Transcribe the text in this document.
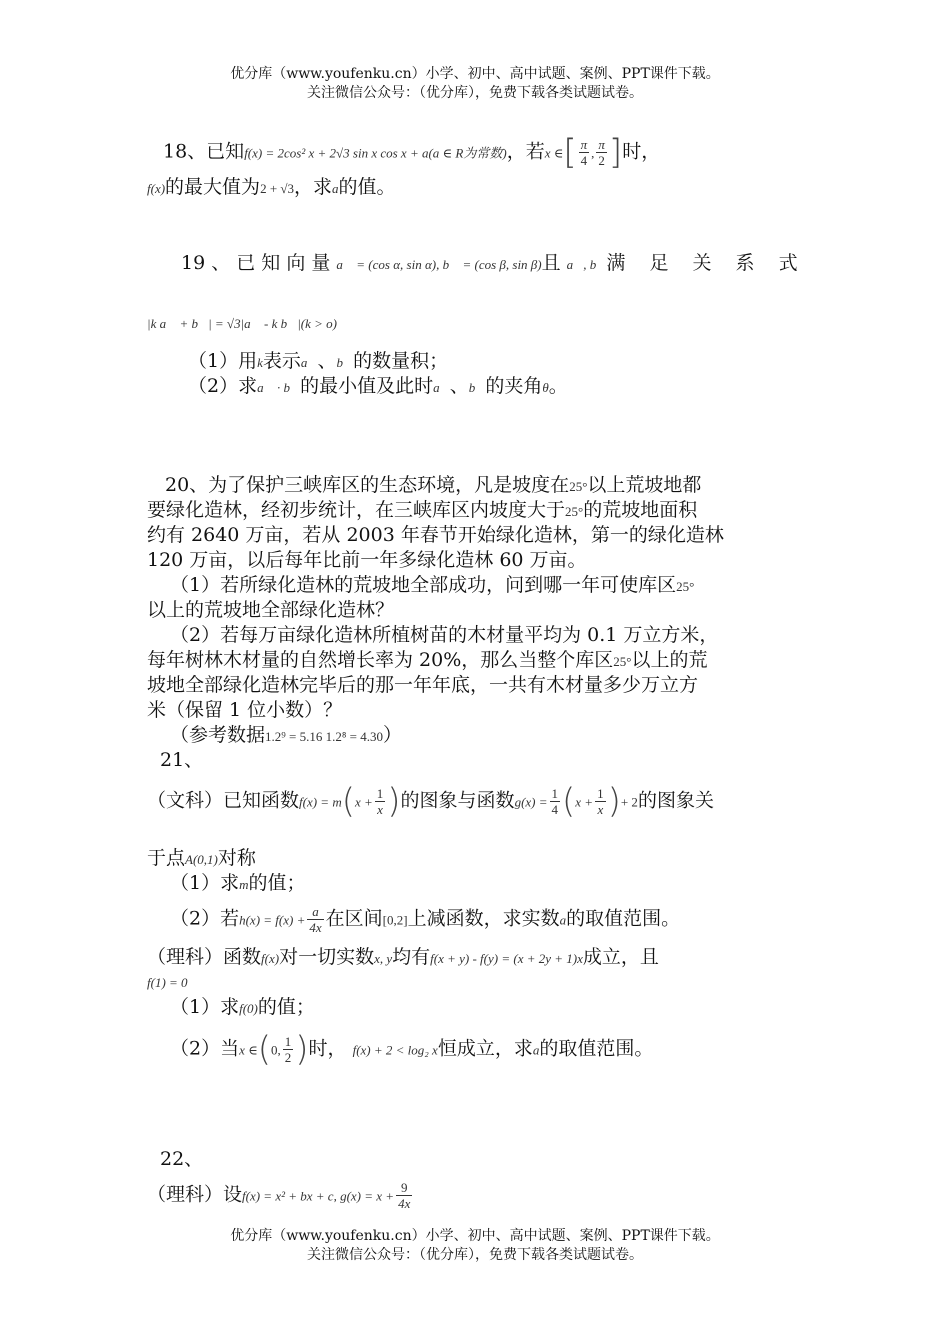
优分库（www.youfenku.cn）小学、初中、高中试题、案例、PPT课件下载。
关注微信公众号：（优分库），免费下载各类试题试卷。
18、已知f(x) = 2cos² x + 2√3 sin x cos x + a(a ∈ R为常数)，若x ∈[ $\frac{\pi}{4}$ , $\frac{\pi}{2}$ ]时，
f(x)的最大值为2 + √3，求a的值。
19 、 已 知 向 量 a⃗ = (cos α, sin α), b⃗ = (cos β, sin β)且 a⃗, b⃗满 足 关 系 式
|k a⃗ + b⃗| = √3|a⃗ - k b⃗|(k > o)
（1）用k表示a⃗、b⃗的数量积；
（2）求a⃗ · b⃗的最小值及此时a⃗、b⃗的夹角θ。
20、为了保护三峡库区的生态环境，凡是坡度在25°以上荒坡地都
要绿化造林，经初步统计，在三峡库区内坡度大于25°的荒坡地面积
约有 2640 万亩，若从 2003 年春节开始绿化造林，第一的绿化造林
120 万亩，以后每年比前一年多绿化造林 60 万亩。
（1）若所绿化造林的荒坡地全部成功，问到哪一年可使库区25°
以上的荒坡地全部绿化造林？
（2）若每万亩绿化造林所植树苗的木材量平均为 0.1 万立方米，
每年树林木材量的自然增长率为 20%，那么当整个库区25°以上的荒
坡地全部绿化造林完毕后的那一年年底，一共有木材量多少万立方
米（保留 1 位小数）？
（参考数据1.2⁹ = 5.16 1.2⁸ = 4.30）
21、
（文科）已知函数$f(x) = m(x + \frac{1}{x}$ )的图象与函数$g(x) = \frac{1}{4} (x + \frac{1}{x}$ )+ 2的图象关
于点A(0,1)对称
（1）求m的值；
（2）若$h(x) = f(x) + \frac{a}{4x}$ 在区间[0,2]上减函数，求实数a的取值范围。
（理科）函数f(x)对一切实数x, y均有f(x + y) - f(y) = (x + 2y + 1)x成立，且
f(1) = 0
（1）求f(0)的值；
（2）当x ∈(0, $\frac{1}{2}$ )时， f(x) + 2 < log₂ x恒成立，求a的取值范围。
22、
（理科）设f(x) = x² + bx + c, $g(x) = x + \frac{9}{4x}$
优分库（www.youfenku.cn）小学、初中、高中试题、案例、PPT课件下载。
关注微信公众号：（优分库），免费下载各类试题试卷。
